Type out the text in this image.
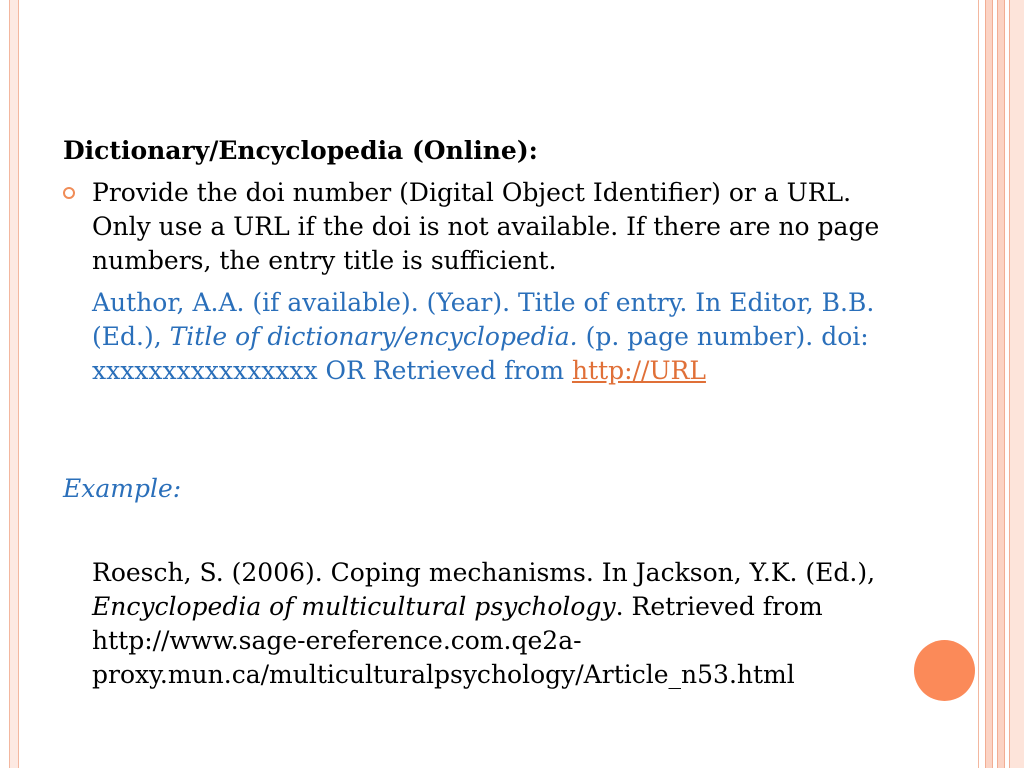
Dictionary/Encyclopedia (Online):
Provide the doi number (Digital Object Identifier) or a URL. Only use a URL if the doi is not available. If there are no page numbers, the entry title is sufficient.
Author, A.A. (if available). (Year). Title of entry. In Editor, B.B. (Ed.), Title of dictionary/encyclopedia. (p. page number). doi: xxxxxxxxxxxxxxxx OR Retrieved from http://URL
Example:
Roesch, S. (2006). Coping mechanisms. In Jackson, Y.K. (Ed.), Encyclopedia of multicultural psychology. Retrieved from http://www.sage-ereference.com.qe2a-proxy.mun.ca/multiculturalpsychology/Article_n53.html
